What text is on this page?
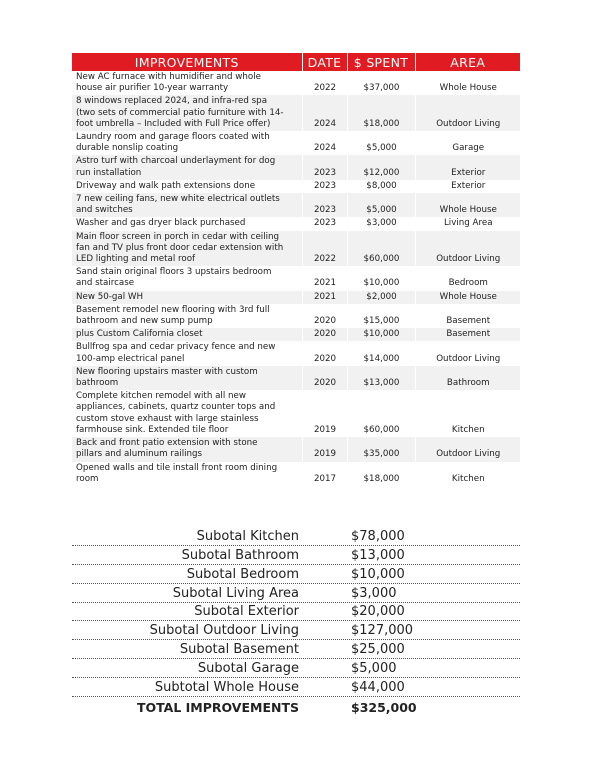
IMPROVEMENTS	DATE	$ SPENT	AREA

New AC furnace with humidifier and whole
house air purifier 10-year warranty	2022	$37,000	Whole House

8 windows replaced 2024, and infra-red spa
(two sets of commercial patio furniture with 14-
foot umbrella – Included with Full Price offer)	2024	$18,000	Outdoor Living

Laundry room and garage floors coated with
durable nonslip coating	2024	$5,000	Garage

Astro turf with charcoal underlayment for dog
run installation	2023	$12,000	Exterior

Driveway and walk path extensions done	2023	$8,000	Exterior

7 new ceiling fans, new white electrical outlets
and switches	2023	$5,000	Whole House

Washer and gas dryer black purchased	2023	$3,000	Living Area

Main floor screen in porch in cedar with ceiling
fan and TV plus front door cedar extension with
LED lighting and metal roof	2022	$60,000	Outdoor Living

Sand stain original floors 3 upstairs bedroom
and staircase	2021	$10,000	Bedroom

New 50-gal WH	2021	$2,000	Whole House

Basement remodel new flooring with 3rd full
bathroom and new sump pump	2020	$15,000	Basement

plus Custom California closet	2020	$10,000	Basement

Bullfrog spa and cedar privacy fence and new
100-amp electrical panel	2020	$14,000	Outdoor Living

New flooring upstairs master with custom
bathroom	2020	$13,000	Bathroom

Complete kitchen remodel with all new
appliances, cabinets, quartz counter tops and
custom stove exhaust with large stainless
farmhouse sink. Extended tile floor	2019	$60,000	Kitchen

Back and front patio extension with stone
pillars and aluminum railings	2019	$35,000	Outdoor Living

Opened walls and tile install front room dining
room	2017	$18,000	Kitchen
Subotal Kitchen	$78,000
Subotal Bathroom	$13,000
Subotal Bedroom	$10,000
Subotal Living Area	$3,000
Subotal Exterior	$20,000
Subotal Outdoor Living	$127,000
Subotal Basement	$25,000
Subotal Garage	$5,000
Subtotal Whole House	$44,000
TOTAL IMPROVEMENTS	$325,000
